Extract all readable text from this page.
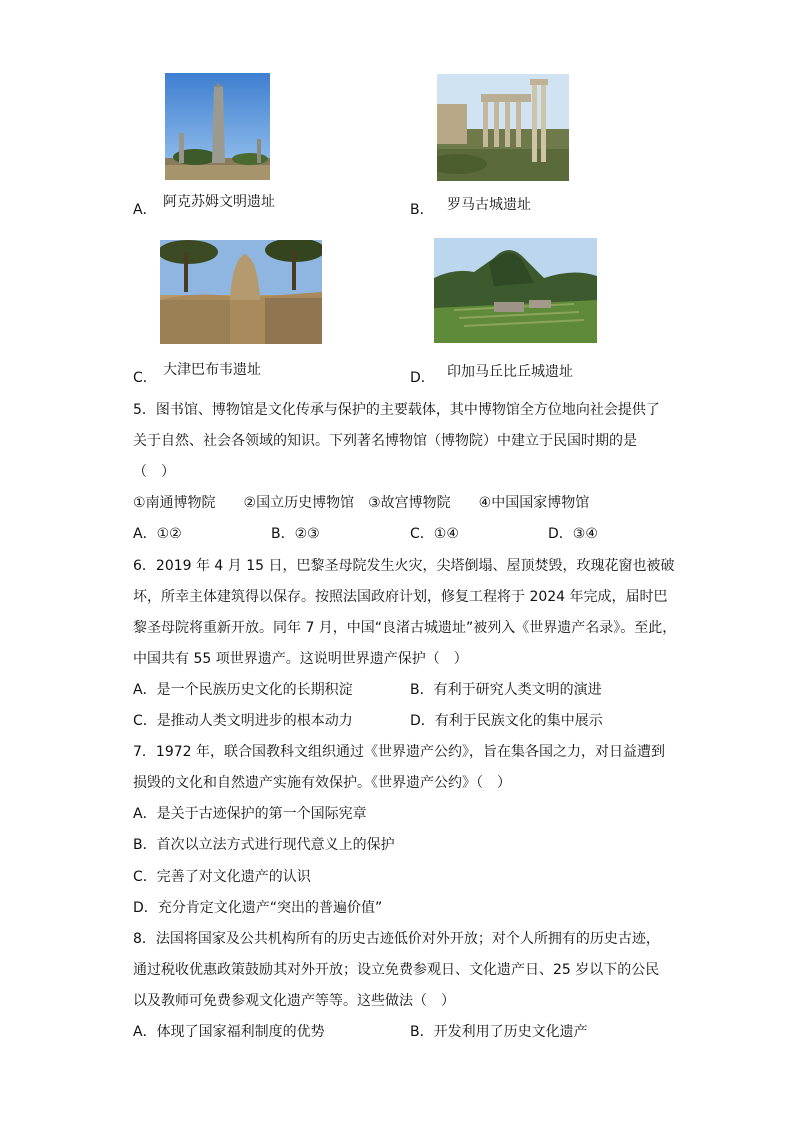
A． 阿克苏姆文明遗址	B． 罗马古城遗址
C． 大津巴布韦遗址	D． 印加马丘比丘城遗址
5．图书馆、博物馆是文化传承与保护的主要载体，其中博物馆全方位地向社会提供了
关于自然、社会各领域的知识。下列著名博物馆（博物院）中建立于民国时期的是
（　）
①南通博物院　　②国立历史博物馆　③故宫博物院　　④中国国家博物馆
A．①②	B．②③	C．①④	D．③④
6．2019 年 4 月 15 日，巴黎圣母院发生火灾，尖塔倒塌、屋顶焚毁，玫瑰花窗也被破
坏，所幸主体建筑得以保存。按照法国政府计划，修复工程将于 2024 年完成，届时巴
黎圣母院将重新开放。同年 7 月，中国“良渚古城遗址”被列入《世界遗产名录》。至此，
中国共有 55 项世界遗产。这说明世界遗产保护（　）
A．是一个民族历史文化的长期积淀	B．有利于研究人类文明的演进
C．是推动人类文明进步的根本动力	D．有利于民族文化的集中展示
7．1972 年，联合国教科文组织通过《世界遗产公约》，旨在集各国之力，对日益遭到
损毁的文化和自然遗产实施有效保护。《世界遗产公约》（　）
A．是关于古迹保护的第一个国际宪章
B．首次以立法方式进行现代意义上的保护
C．完善了对文化遗产的认识
D．充分肯定文化遗产“突出的普遍价值”
8．法国将国家及公共机构所有的历史古迹低价对外开放；对个人所拥有的历史古迹，
通过税收优惠政策鼓励其对外开放；设立免费参观日、文化遗产日、25 岁以下的公民
以及教师可免费参观文化遗产等等。这些做法（　）
A．体现了国家福利制度的优势	B．开发利用了历史文化遗产
